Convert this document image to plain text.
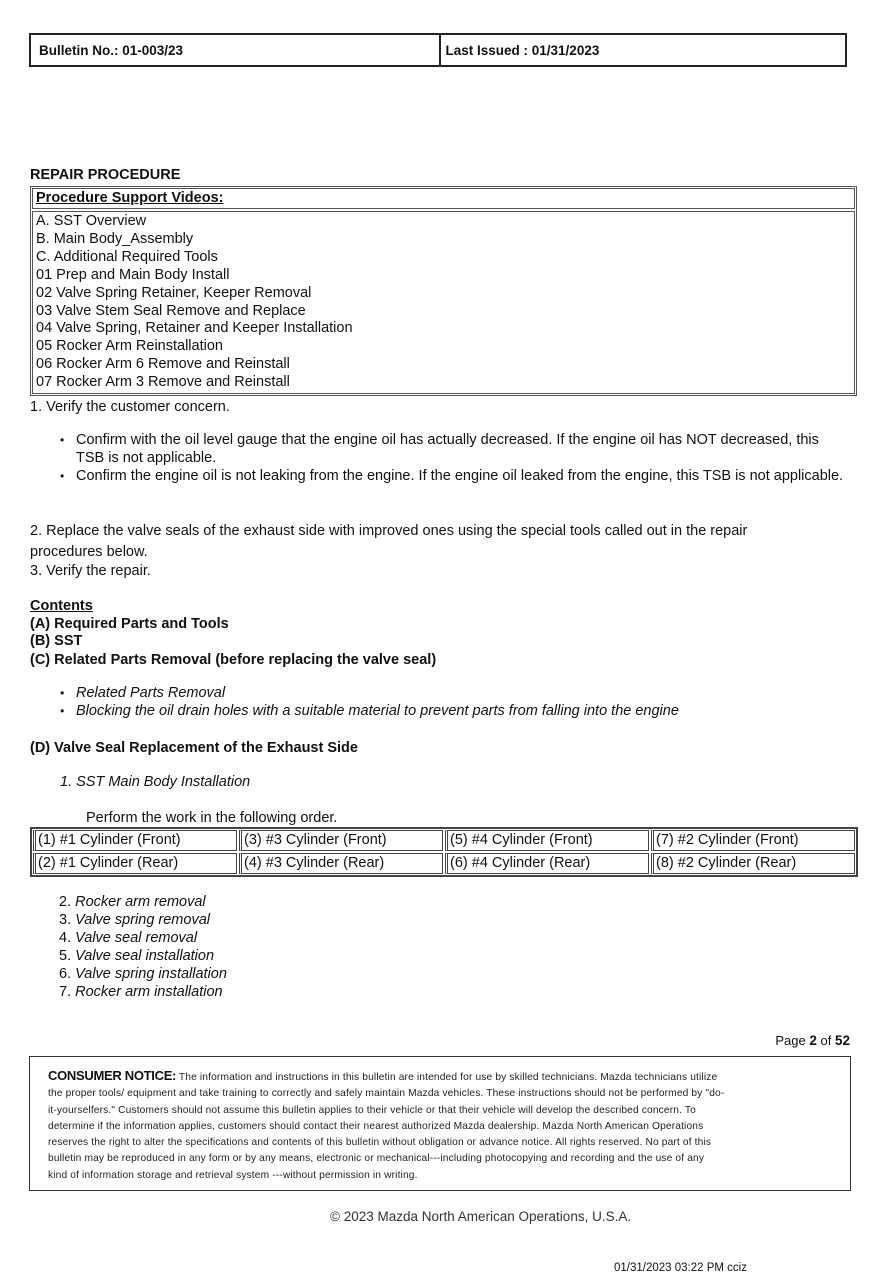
Bulletin No.: 01-003/23	Last Issued : 01/31/2023
REPAIR PROCEDURE
Procedure Support Videos:
A. SST Overview
B. Main Body_Assembly
C. Additional Required Tools
01 Prep and Main Body Install
02 Valve Spring Retainer, Keeper Removal
03 Valve Stem Seal Remove and Replace
04 Valve Spring, Retainer and Keeper Installation
05 Rocker Arm Reinstallation
06 Rocker Arm 6 Remove and Reinstall
07 Rocker Arm 3 Remove and Reinstall
1. Verify the customer concern.
• Confirm with the oil level gauge that the engine oil has actually decreased. If the engine oil has NOT decreased, this TSB is not applicable.
• Confirm the engine oil is not leaking from the engine. If the engine oil leaked from the engine, this TSB is not applicable.
2. Replace the valve seals of the exhaust side with improved ones using the special tools called out in the repair
procedures below.
3. Verify the repair.
Contents
(A) Required Parts and Tools
(B) SST
(C) Related Parts Removal (before replacing the valve seal)
• Related Parts Removal
• Blocking the oil drain holes with a suitable material to prevent parts from falling into the engine
(D) Valve Seal Replacement of the Exhaust Side
1. SST Main Body Installation
Perform the work in the following order.
(1) #1 Cylinder (Front)	(3) #3 Cylinder (Front)	(5) #4 Cylinder (Front)	(7) #2 Cylinder (Front)
(2) #1 Cylinder (Rear)	(4) #3 Cylinder (Rear)	(6) #4 Cylinder (Rear)	(8) #2 Cylinder (Rear)
2. Rocker arm removal
3. Valve spring removal
4. Valve seal removal
5. Valve seal installation
6. Valve spring installation
7. Rocker arm installation
Page 2 of 52
CONSUMER NOTICE: The information and instructions in this bulletin are intended for use by skilled technicians. Mazda technicians utilize
the proper tools/ equipment and take training to correctly and safely maintain Mazda vehicles. These instructions should not be performed by "do-
it-yourselfers." Customers should not assume this bulletin applies to their vehicle or that their vehicle will develop the described concern. To
determine if the information applies, customers should contact their nearest authorized Mazda dealership. Mazda North American Operations
reserves the right to alter the specifications and contents of this bulletin without obligation or advance notice. All rights reserved. No part of this
bulletin may be reproduced in any form or by any means, electronic or mechanical---including photocopying and recording and the use of any
kind of information storage and retrieval system ---without permission in writing.
© 2023 Mazda North American Operations, U.S.A.
01/31/2023 03:22 PM cciz
